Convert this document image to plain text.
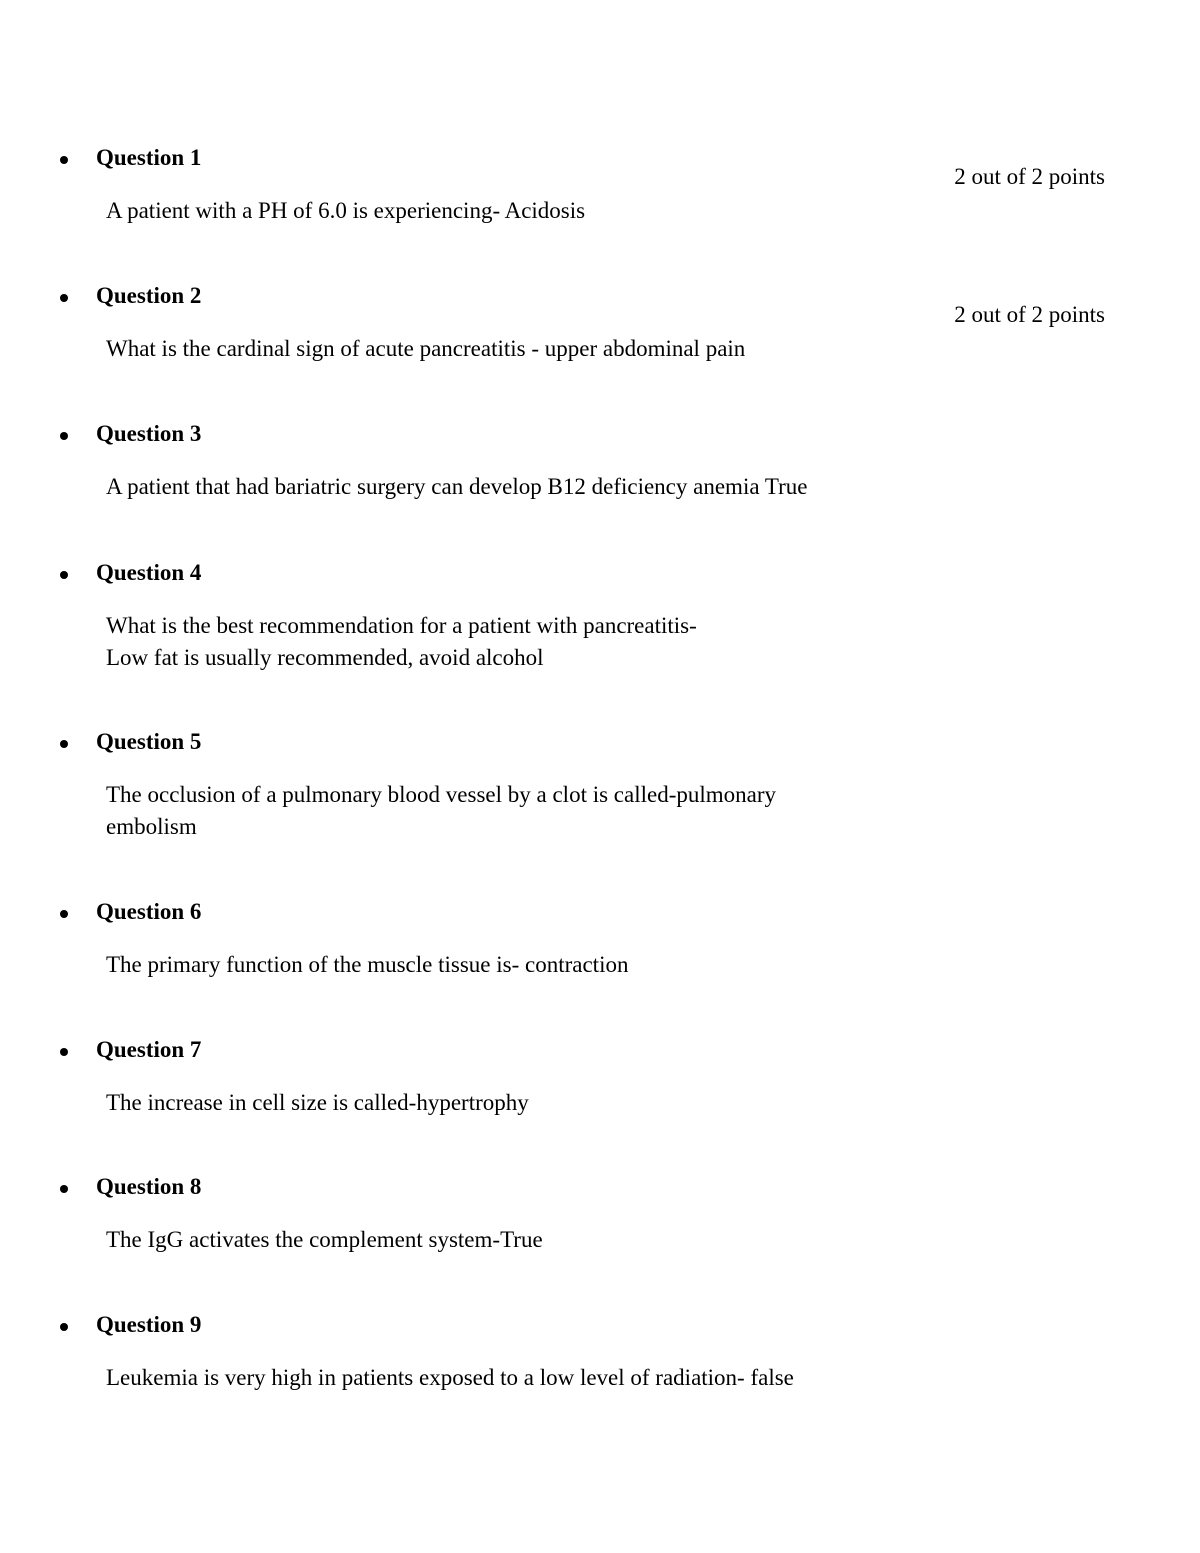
Question 1
2 out of 2 points
A patient with a PH of 6.0 is experiencing- Acidosis
Question 2
2 out of 2 points
What is the cardinal sign of acute pancreatitis - upper abdominal pain
Question 3
A patient that had bariatric surgery can develop B12 deficiency anemia True
Question 4
What is the best recommendation for a patient with pancreatitis-
Low fat is usually recommended, avoid alcohol
Question 5
The occlusion of a pulmonary blood vessel by a clot is called-pulmonary
embolism
Question 6
The primary function of the muscle tissue is- contraction
Question 7
The increase in cell size is called-hypertrophy
Question 8
The IgG activates the complement system-True
Question 9
Leukemia is very high in patients exposed to a low level of radiation- false
